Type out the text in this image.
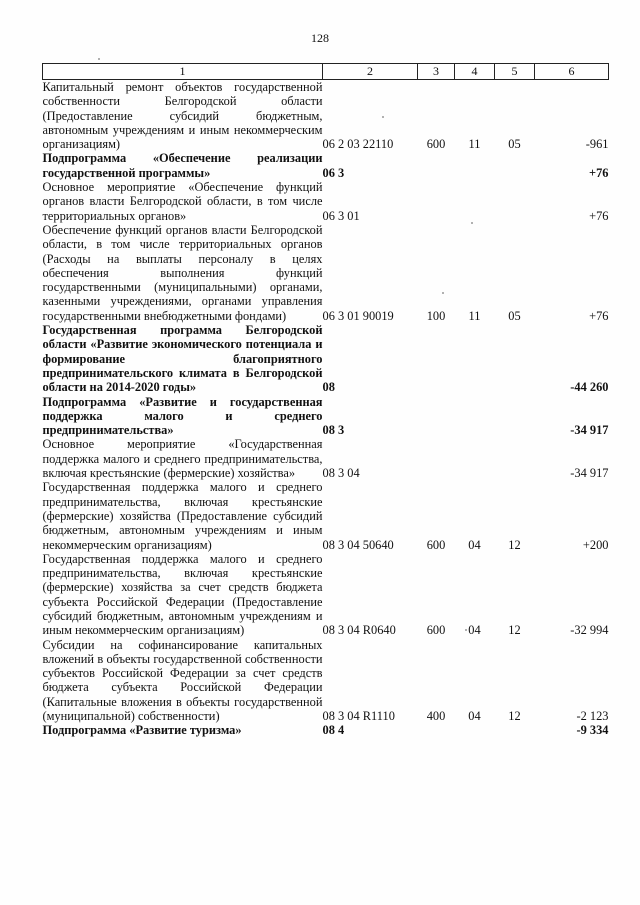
128
1	2	3	4	5	6
Капитальный ремонт объектов государственной собственности Белгородской области (Предоставление субсидий бюджетным, автономным учреждениям и иным некоммерческим организациям)	06 2 03 22110	600	11	05	-961
Подпрограмма «Обеспечение реализации государственной программы»	06 3				+76
Основное мероприятие «Обеспечение функций органов власти Белгородской области, в том числе территориальных органов»	06 3 01				+76
Обеспечение функций органов власти Белгородской области, в том числе территориальных органов (Расходы на выплаты персоналу в целях обеспечения выполнения функций государственными (муниципальными) органами, казенными учреждениями, органами управления государственными внебюджетными фондами)	06 3 01 90019	100	11	05	+76
Государственная программа Белгородской области «Развитие экономического потенциала и формирование благоприятного предпринимательского климата в Белгородской области на 2014-2020 годы»	08				-44 260
Подпрограмма «Развитие и государственная поддержка малого и среднего предпринимательства»	08 3				-34 917
Основное мероприятие «Государственная поддержка малого и среднего предпринимательства, включая крестьянские (фермерские) хозяйства»	08 3 04				-34 917
Государственная поддержка малого и среднего предпринимательства, включая крестьянские (фермерские) хозяйства (Предоставление субсидий бюджетным, автономным учреждениям и иным некоммерческим организациям)	08 3 04 50640	600	04	12	+200
Государственная поддержка малого и среднего предпринимательства, включая крестьянские (фермерские) хозяйства за счет средств бюджета субъекта Российской Федерации (Предоставление субсидий бюджетным, автономным учреждениям и иным некоммерческим организациям)	08 3 04 R0640	600	04	12	-32 994
Субсидии на софинансирование капитальных вложений в объекты государственной собственности субъектов Российской Федерации за счет средств бюджета субъекта Российской Федерации (Капитальные вложения в объекты государственной (муниципальной) собственности)	08 3 04 R1110	400	04	12	-2 123
Подпрограмма «Развитие туризма»	08 4				-9 334
